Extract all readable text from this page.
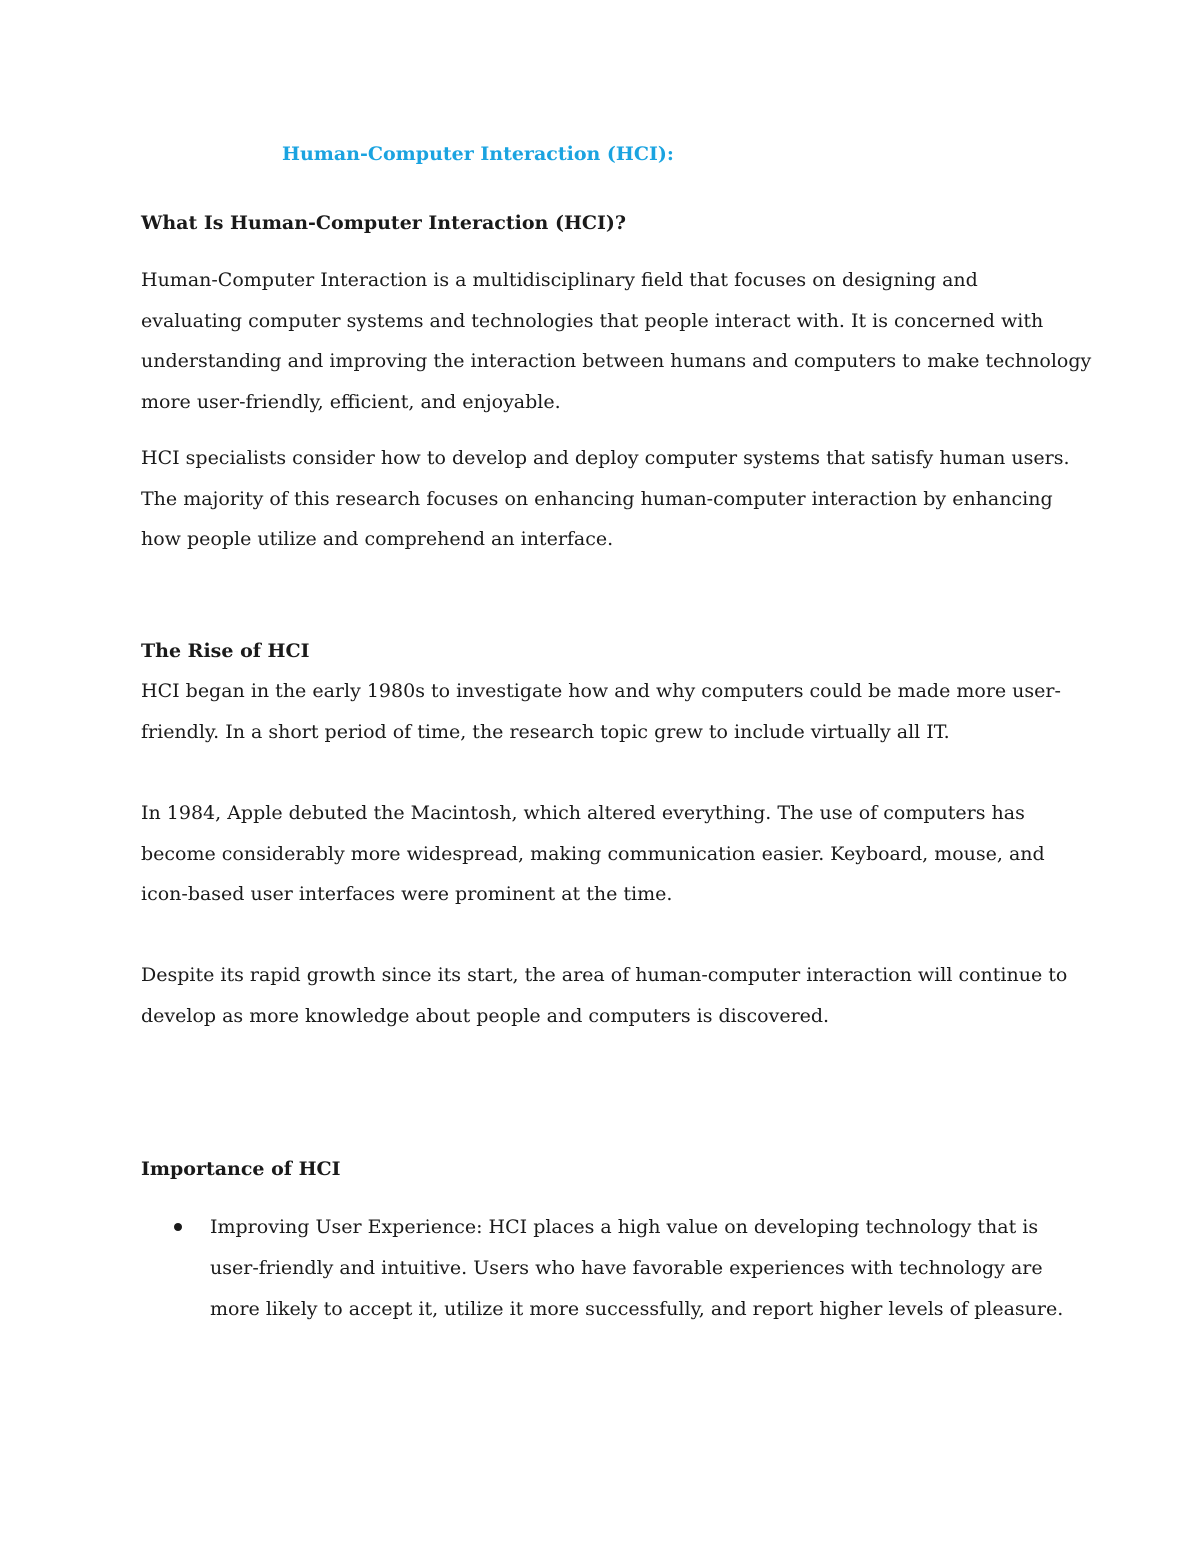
Human-Computer Interaction (HCI):
What Is Human-Computer Interaction (HCI)?
Human-Computer Interaction is a multidisciplinary field that focuses on designing and
evaluating computer systems and technologies that people interact with. It is concerned with
understanding and improving the interaction between humans and computers to make technology
more user-friendly, efficient, and enjoyable.
HCI specialists consider how to develop and deploy computer systems that satisfy human users.
The majority of this research focuses on enhancing human-computer interaction by enhancing
how people utilize and comprehend an interface.
The Rise of HCI
HCI began in the early 1980s to investigate how and why computers could be made more user-
friendly. In a short period of time, the research topic grew to include virtually all IT.
In 1984, Apple debuted the Macintosh, which altered everything. The use of computers has
become considerably more widespread, making communication easier. Keyboard, mouse, and
icon-based user interfaces were prominent at the time.
Despite its rapid growth since its start, the area of human-computer interaction will continue to
develop as more knowledge about people and computers is discovered.
Importance of HCI
Improving User Experience: HCI places a high value on developing technology that is
user-friendly and intuitive. Users who have favorable experiences with technology are
more likely to accept it, utilize it more successfully, and report higher levels of pleasure.
